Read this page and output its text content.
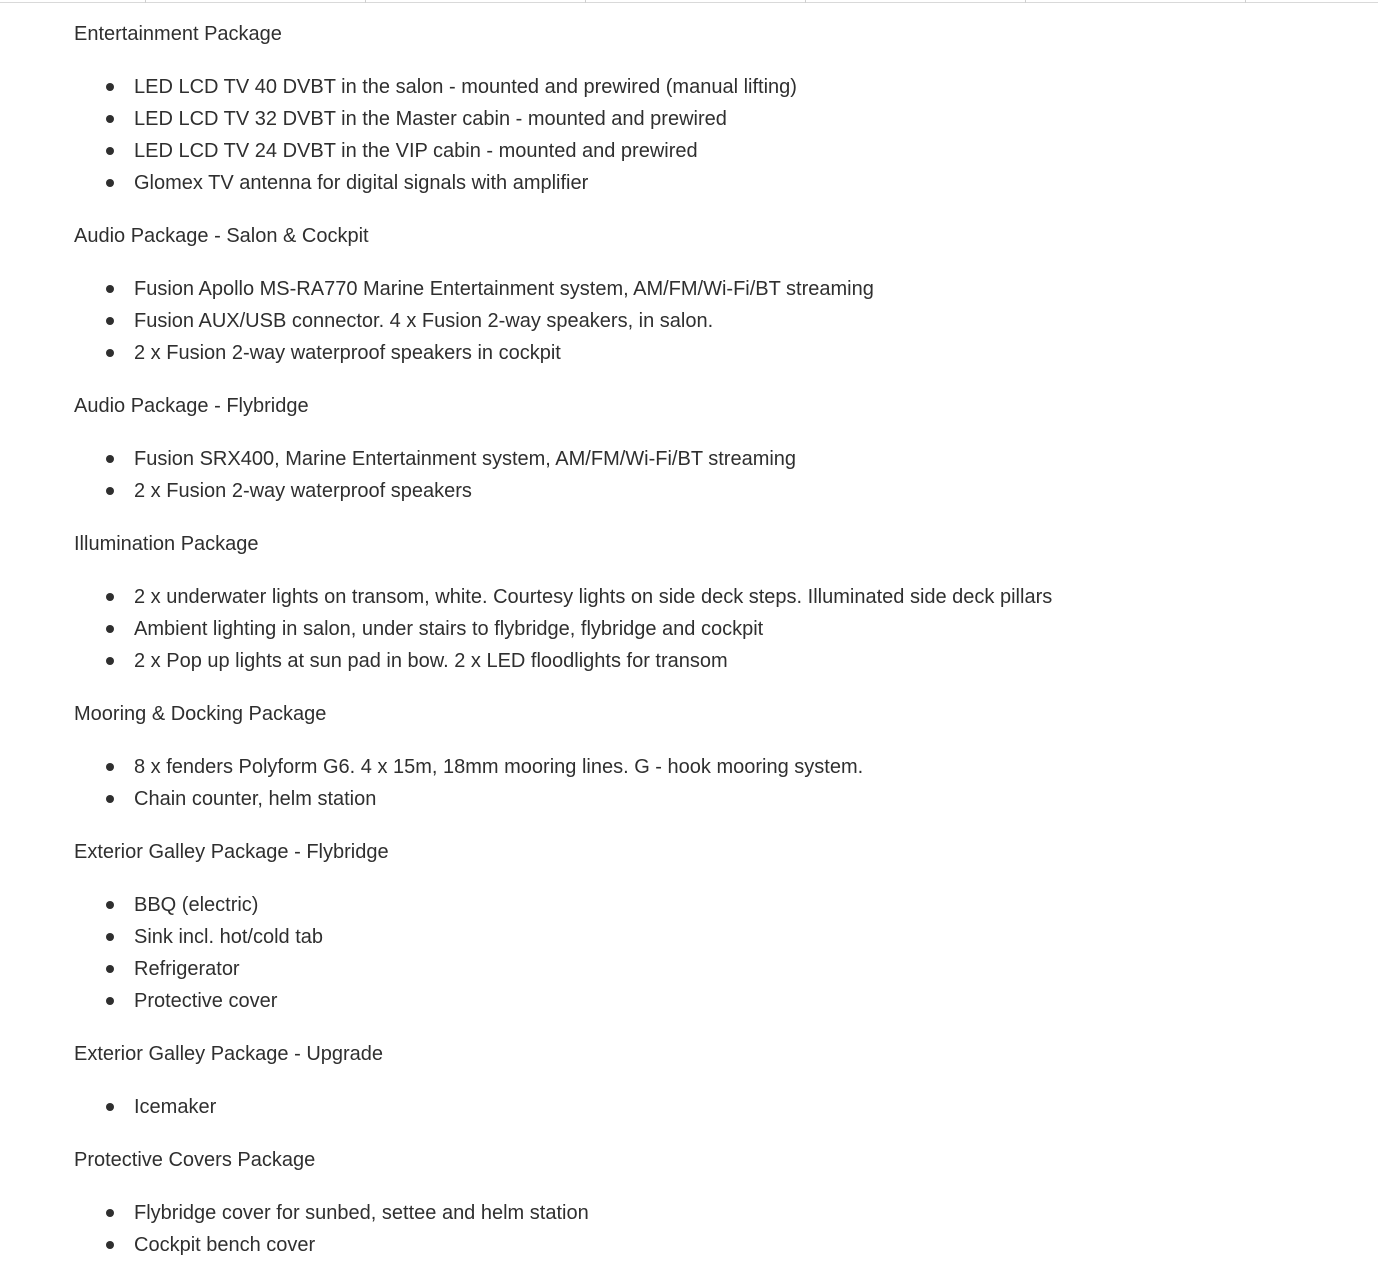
Entertainment Package

LED LCD TV 40 DVBT in the salon - mounted and prewired (manual lifting)
LED LCD TV 32 DVBT in the Master cabin - mounted and prewired
LED LCD TV 24 DVBT in the VIP cabin - mounted and prewired
Glomex TV antenna for digital signals with amplifier

Audio Package - Salon & Cockpit

Fusion Apollo MS-RA770 Marine Entertainment system, AM/FM/Wi-Fi/BT streaming
Fusion AUX/USB connector. 4 x Fusion 2-way speakers, in salon.
2 x Fusion 2-way waterproof speakers in cockpit

Audio Package - Flybridge

Fusion SRX400, Marine Entertainment system, AM/FM/Wi-Fi/BT streaming
2 x Fusion 2-way waterproof speakers

Illumination Package

2 x underwater lights on transom, white. Courtesy lights on side deck steps. Illuminated side deck pillars
Ambient lighting in salon, under stairs to flybridge, flybridge and cockpit
2 x Pop up lights at sun pad in bow. 2 x LED floodlights for transom

Mooring & Docking Package

8 x fenders Polyform G6. 4 x 15m, 18mm mooring lines. G - hook mooring system.
Chain counter, helm station

Exterior Galley Package - Flybridge

BBQ (electric)
Sink incl. hot/cold tab
Refrigerator
Protective cover

Exterior Galley Package - Upgrade

Icemaker

Protective Covers Package

Flybridge cover for sunbed, settee and helm station
Cockpit bench cover
